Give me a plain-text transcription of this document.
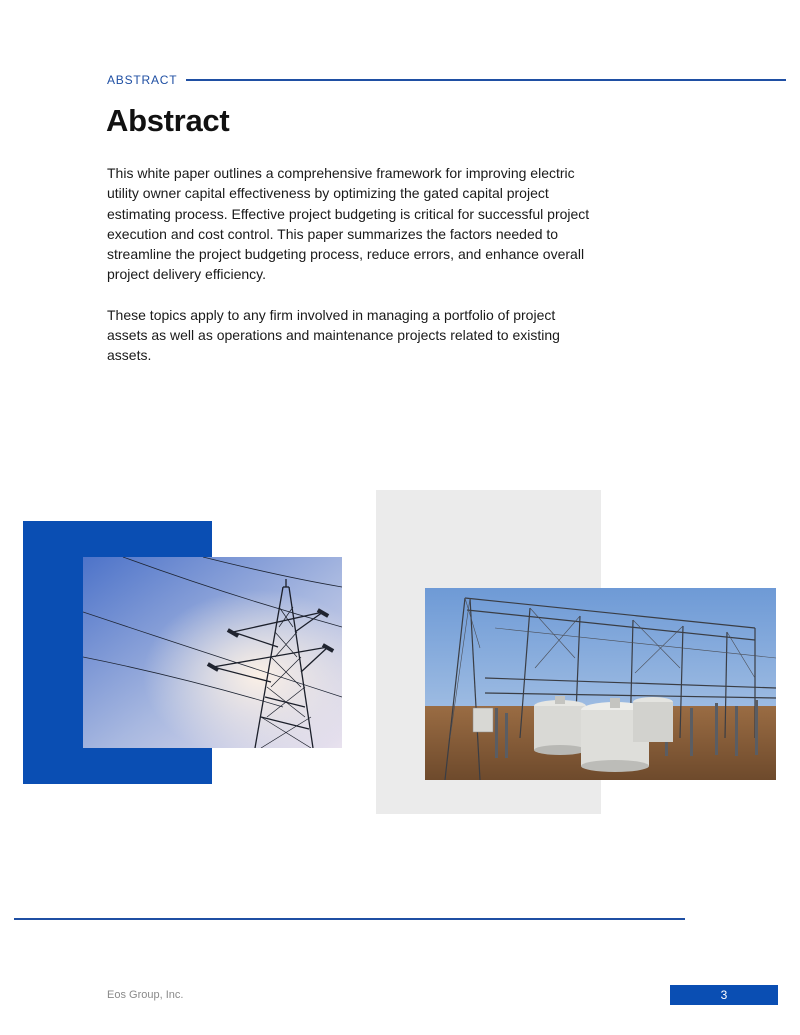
ABSTRACT
Abstract

This white paper outlines a comprehensive framework for improving electric utility owner capital effectiveness by optimizing the gated capital project estimating process. Effective project budgeting is critical for successful project execution and cost control. This paper summarizes the factors needed to streamline the project budgeting process, reduce errors, and enhance overall project delivery efficiency.

These topics apply to any firm involved in managing a portfolio of project assets as well as operations and maintenance projects related to existing assets.

Eos Group, Inc.	3
